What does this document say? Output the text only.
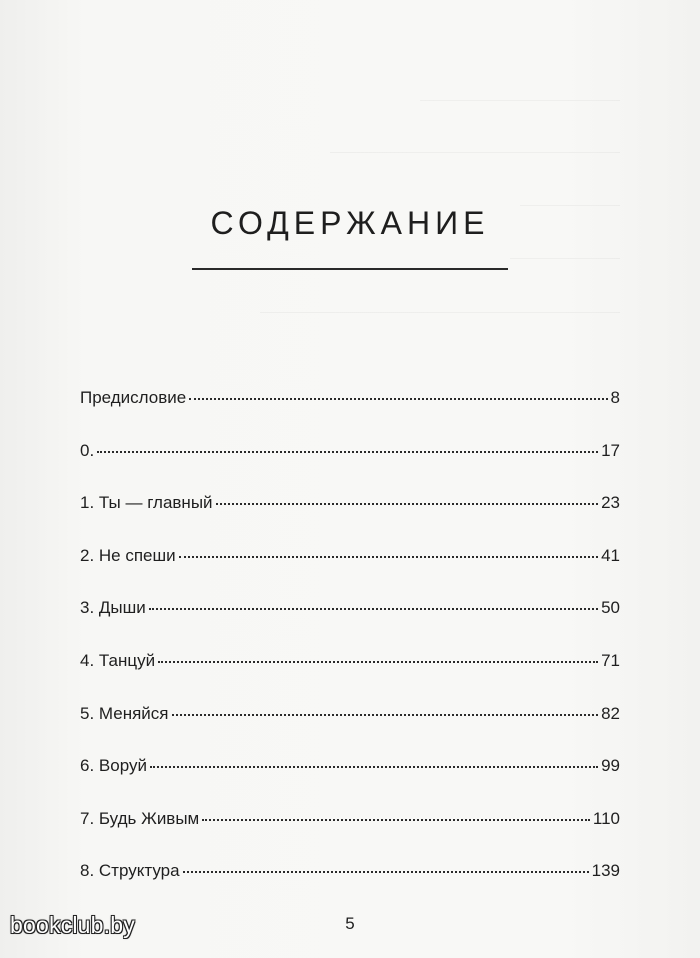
СОДЕРЖАНИЕ
Предисловие	8
0.	17
1. Ты — главный	23
2. Не спеши	41
3. Дыши	50
4. Танцуй	71
5. Меняйся	82
6. Воруй	99
7. Будь Живым	110
8. Структура	139
5
bookclub.by
